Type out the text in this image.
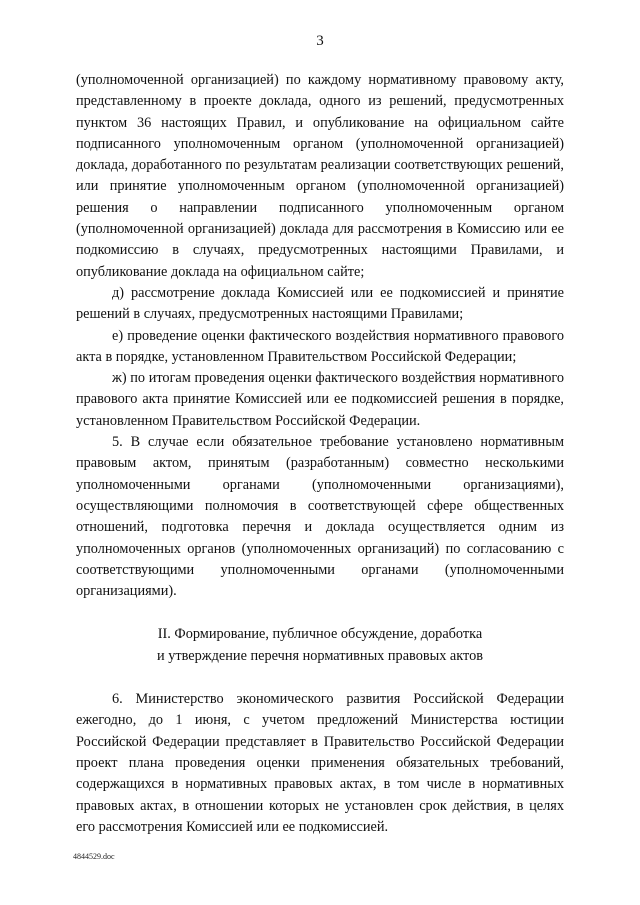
3

(уполномоченной организацией) по каждому нормативному правовому акту, представленному в проекте доклада, одного из решений, предусмотренных пунктом 36 настоящих Правил, и опубликование на официальном сайте подписанного уполномоченным органом (уполномоченной организацией) доклада, доработанного по результатам реализации соответствующих решений, или принятие уполномоченным органом (уполномоченной организацией) решения о направлении подписанного уполномоченным органом (уполномоченной организацией) доклада для рассмотрения в Комиссию или ее подкомиссию в случаях, предусмотренных настоящими Правилами, и опубликование доклада на официальном сайте;

д) рассмотрение доклада Комиссией или ее подкомиссией и принятие решений в случаях, предусмотренных настоящими Правилами;

е) проведение оценки фактического воздействия нормативного правового акта в порядке, установленном Правительством Российской Федерации;

ж) по итогам проведения оценки фактического воздействия нормативного правового акта принятие Комиссией или ее подкомиссией решения в порядке, установленном Правительством Российской Федерации.

5. В случае если обязательное требование установлено нормативным правовым актом, принятым (разработанным) совместно несколькими уполномоченными органами (уполномоченными организациями), осуществляющими полномочия в соответствующей сфере общественных отношений, подготовка перечня и доклада осуществляется одним из уполномоченных органов (уполномоченных организаций) по согласованию с соответствующими уполномоченными органами (уполномоченными организациями).

II. Формирование, публичное обсуждение, доработка

и утверждение перечня нормативных правовых актов

6. Министерство экономического развития Российской Федерации ежегодно, до 1 июня, с учетом предложений Министерства юстиции Российской Федерации представляет в Правительство Российской Федерации проект плана проведения оценки применения обязательных требований, содержащихся в нормативных правовых актах, в том числе в нормативных правовых актах, в отношении которых не установлен срок действия, в целях его рассмотрения Комиссией или ее подкомиссией.

4844529.doc
